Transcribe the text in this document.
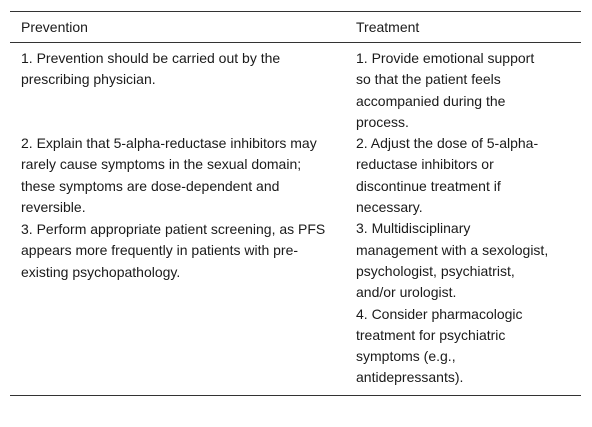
Prevention	Treatment

1. Prevention should be carried out by the prescribing physician.

2. Explain that 5-alpha-reductase inhibitors may rarely cause symptoms in the sexual domain; these symptoms are dose-dependent and reversible.

3. Perform appropriate patient screening, as PFS appears more frequently in patients with pre-existing psychopathology.

1. Provide emotional support so that the patient feels accompanied during the process.

2. Adjust the dose of 5-alpha-reductase inhibitors or discontinue treatment if necessary.

3. Multidisciplinary management with a sexologist, psychologist, psychiatrist, and/or urologist.

4. Consider pharmacologic treatment for psychiatric symptoms (e.g., antidepressants).
